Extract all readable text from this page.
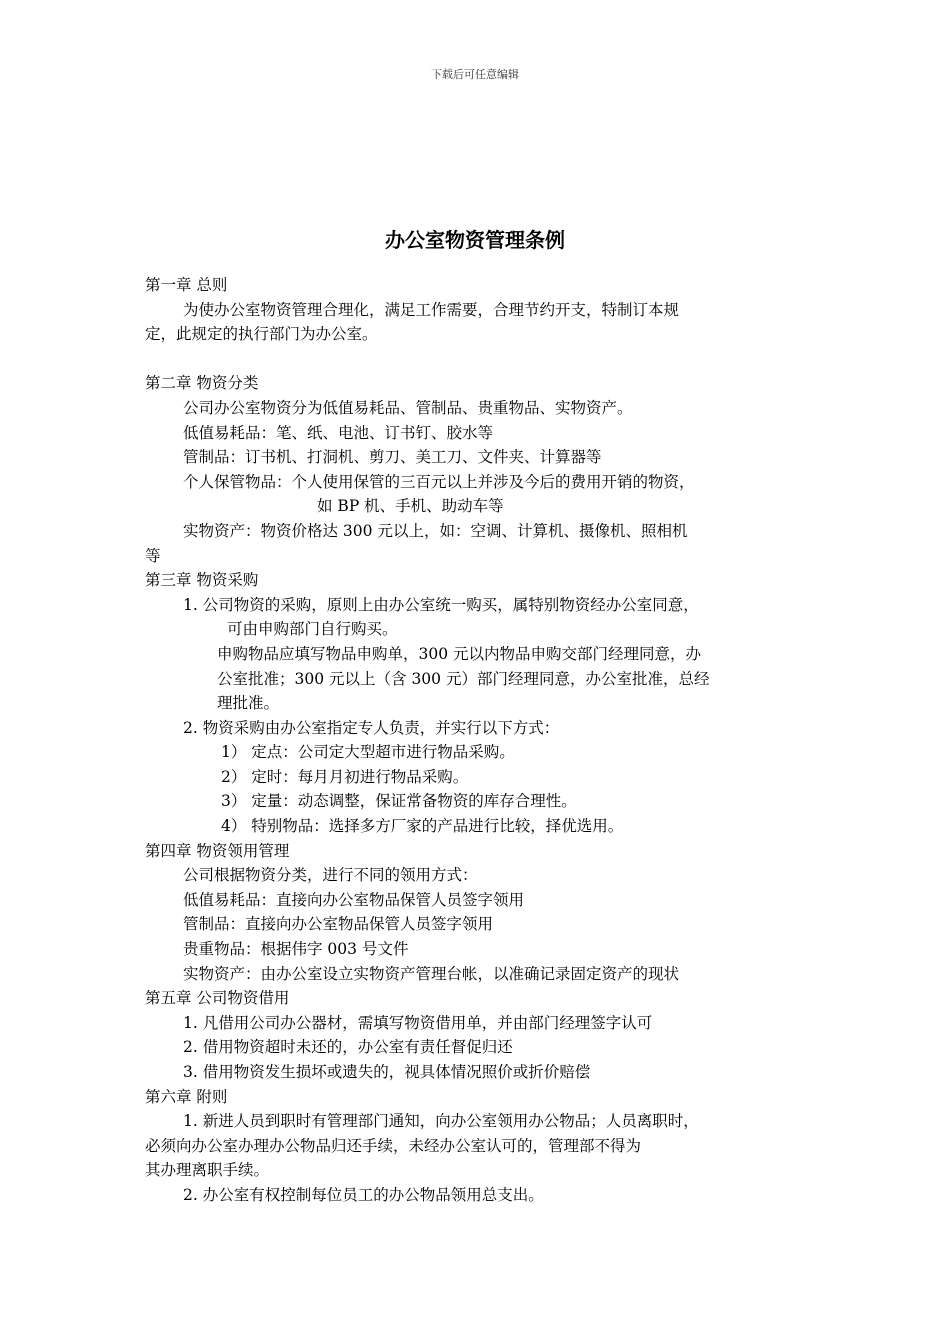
下载后可任意编辑
办公室物资管理条例
第一章 总则
为使办公室物资管理合理化，满足工作需要，合理节约开支，特制订本规
定，此规定的执行部门为办公室。
第二章 物资分类
公司办公室物资分为低值易耗品、管制品、贵重物品、实物资产。
低值易耗品：笔、纸、电池、订书钉、胶水等
管制品：订书机、打洞机、剪刀、美工刀、文件夹、计算器等
个人保管物品：个人使用保管的三百元以上并涉及今后的费用开销的物资，
如 BP 机、手机、助动车等
实物资产：物资价格达 300 元以上，如：空调、计算机、摄像机、照相机
等
第三章 物资采购
1. 公司物资的采购，原则上由办公室统一购买，属特别物资经办公室同意，
可由申购部门自行购买。
申购物品应填写物品申购单，300 元以内物品申购交部门经理同意，办
公室批准；300 元以上（含 300 元）部门经理同意，办公室批准，总经
理批准。
2. 物资采购由办公室指定专人负责，并实行以下方式：
1） 定点：公司定大型超市进行物品采购。
2） 定时：每月月初进行物品采购。
3） 定量：动态调整，保证常备物资的库存合理性。
4） 特别物品：选择多方厂家的产品进行比较，择优选用。
第四章 物资领用管理
公司根据物资分类，进行不同的领用方式：
低值易耗品：直接向办公室物品保管人员签字领用
管制品：直接向办公室物品保管人员签字领用
贵重物品：根据伟字 003 号文件
实物资产：由办公室设立实物资产管理台帐，以准确记录固定资产的现状
第五章 公司物资借用
1. 凡借用公司办公器材，需填写物资借用单，并由部门经理签字认可
2. 借用物资超时未还的，办公室有责任督促归还
3. 借用物资发生损坏或遗失的，视具体情况照价或折价赔偿
第六章 附则
1. 新进人员到职时有管理部门通知，向办公室领用办公物品；人员离职时，
必须向办公室办理办公物品归还手续，未经办公室认可的，管理部不得为
其办理离职手续。
2. 办公室有权控制每位员工的办公物品领用总支出。
